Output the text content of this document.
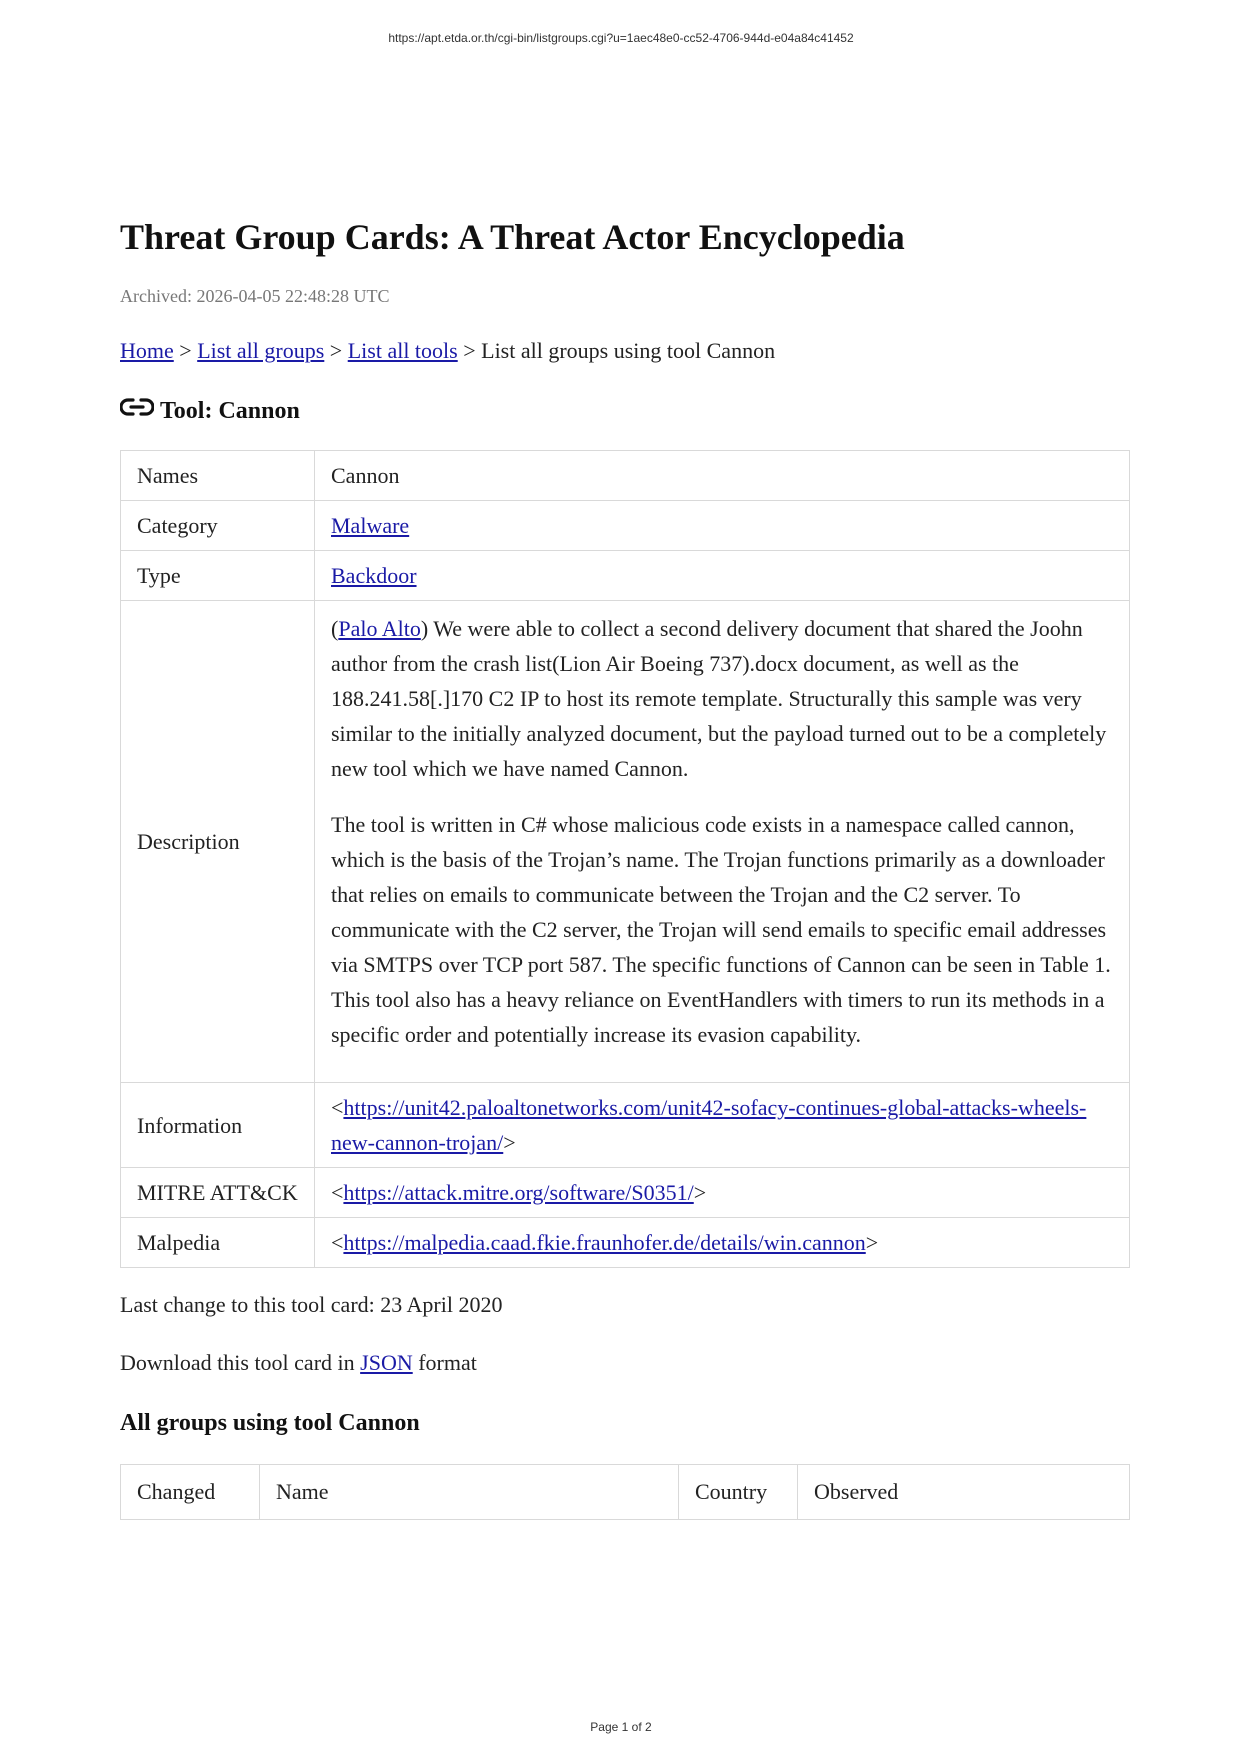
https://apt.etda.or.th/cgi-bin/listgroups.cgi?u=1aec48e0-cc52-4706-944d-e04a84c41452
Threat Group Cards: A Threat Actor Encyclopedia
Archived: 2026-04-05 22:48:28 UTC
Home > List all groups > List all tools > List all groups using tool Cannon
Tool: Cannon
Names	Cannon
Category	Malware
Type	Backdoor
Description	(Palo Alto) We were able to collect a second delivery document that shared the Joohn author from the crash list(Lion Air Boeing 737).docx document, as well as the 188.241.58[.]170 C2 IP to host its remote template. Structurally this sample was very similar to the initially analyzed document, but the payload turned out to be a completely new tool which we have named Cannon.

The tool is written in C# whose malicious code exists in a namespace called cannon, which is the basis of the Trojan’s name. The Trojan functions primarily as a downloader that relies on emails to communicate between the Trojan and the C2 server. To communicate with the C2 server, the Trojan will send emails to specific email addresses via SMTPS over TCP port 587. The specific functions of Cannon can be seen in Table 1. This tool also has a heavy reliance on EventHandlers with timers to run its methods in a specific order and potentially increase its evasion capability.

Information	<https://unit42.paloaltonetworks.com/unit42-sofacy-continues-global-attacks-wheels-new-cannon-trojan/>
MITRE ATT&CK	<https://attack.mitre.org/software/S0351/>
Malpedia	<https://malpedia.caad.fkie.fraunhofer.de/details/win.cannon>
Last change to this tool card: 23 April 2020
Download this tool card in JSON format
All groups using tool Cannon
Changed	Name	Country	Observed
Page 1 of 2
